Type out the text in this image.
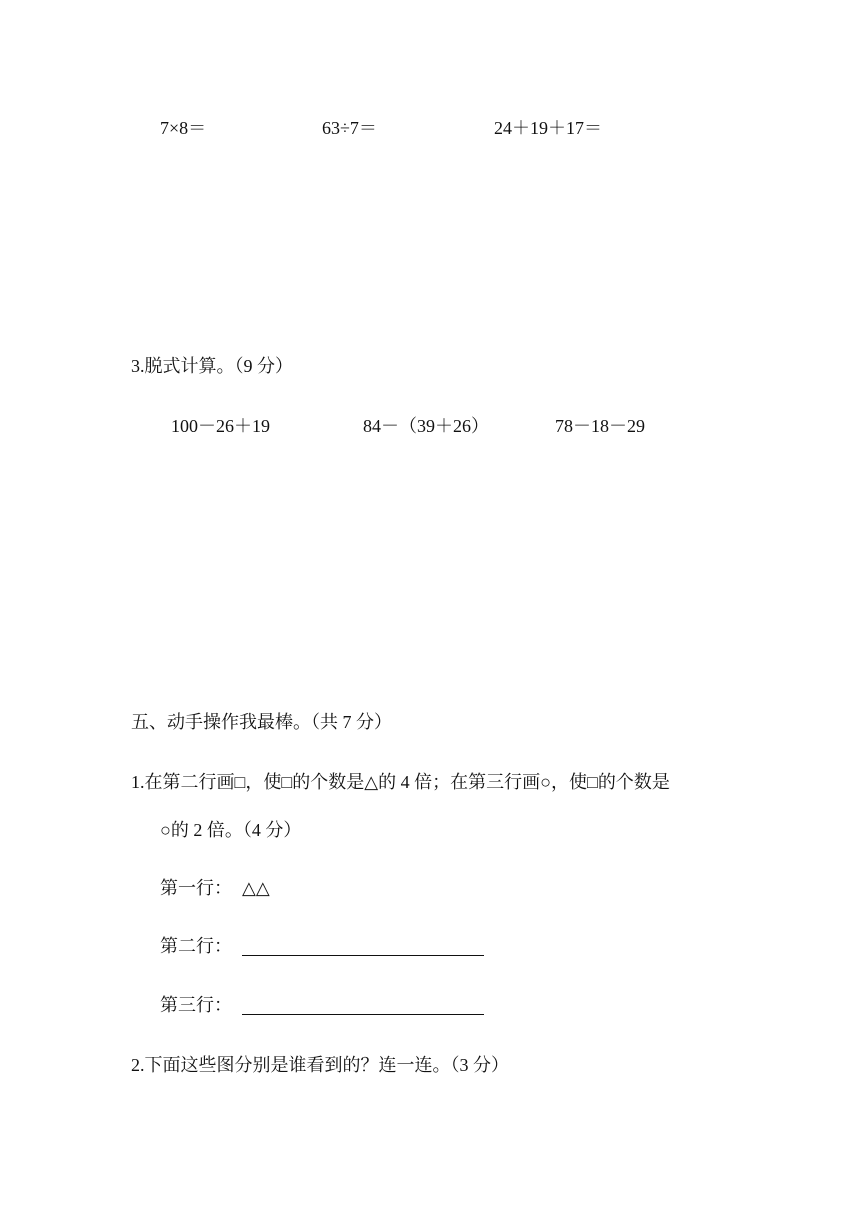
7×8＝	63÷7＝	24＋19＋17＝
3.脱式计算。（9 分）
100－26＋19	84－（39＋26）	78－18－29
五、动手操作我最棒。（共 7 分）
1.在第二行画□，使□的个数是△的 4 倍；在第三行画○，使□的个数是
○的 2 倍。（4 分）
第一行： △△
第二行：
第三行：
2.下面这些图分别是谁看到的？连一连。（3 分）
